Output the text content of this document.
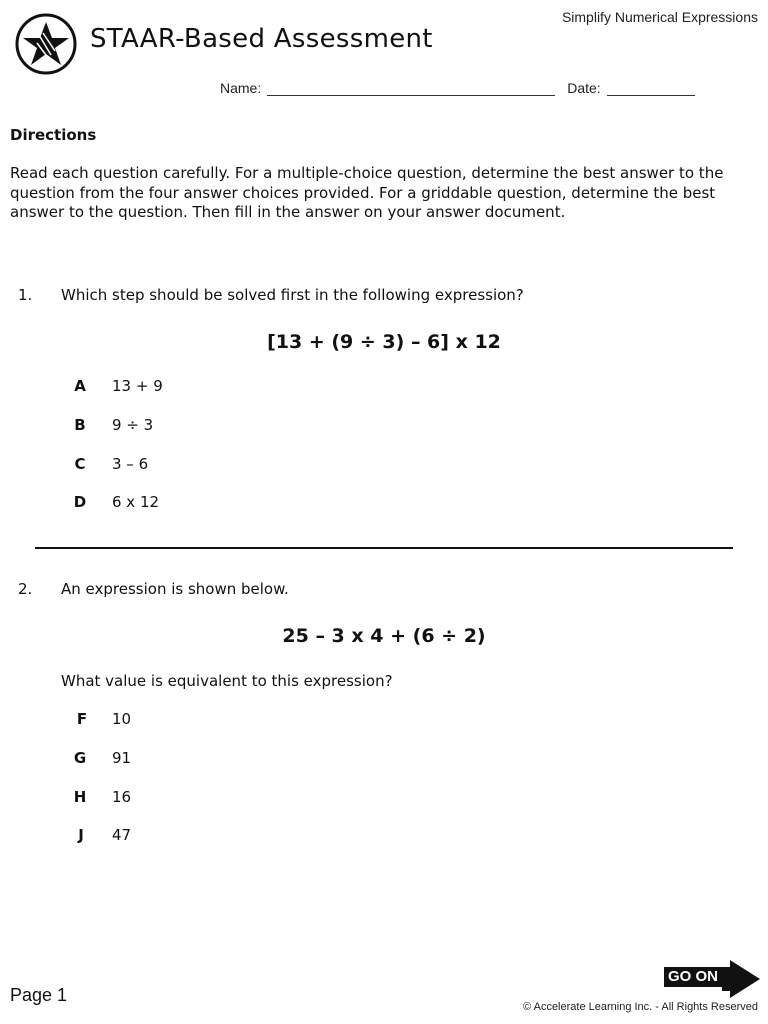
Simplify Numerical Expressions
STAAR-Based Assessment
Name:	Date:
Directions
Read each question carefully. For a multiple-choice question, determine the best answer to the question from the four answer choices provided. For a griddable question, determine the best answer to the question. Then fill in the answer on your answer document.
1. Which step should be solved first in the following expression?
[13 + (9 ÷ 3) – 6] x 12
A 13 + 9
B 9 ÷ 3
C	3 – 6
D 6 x 12
2. An expression is shown below.
25 – 3 x 4 + (6 ÷ 2)
What value is equivalent to this expression?
F	10
G 91
H 16
J	47
Page 1
GO ON
© Accelerate Learning Inc. - All Rights Reserved
